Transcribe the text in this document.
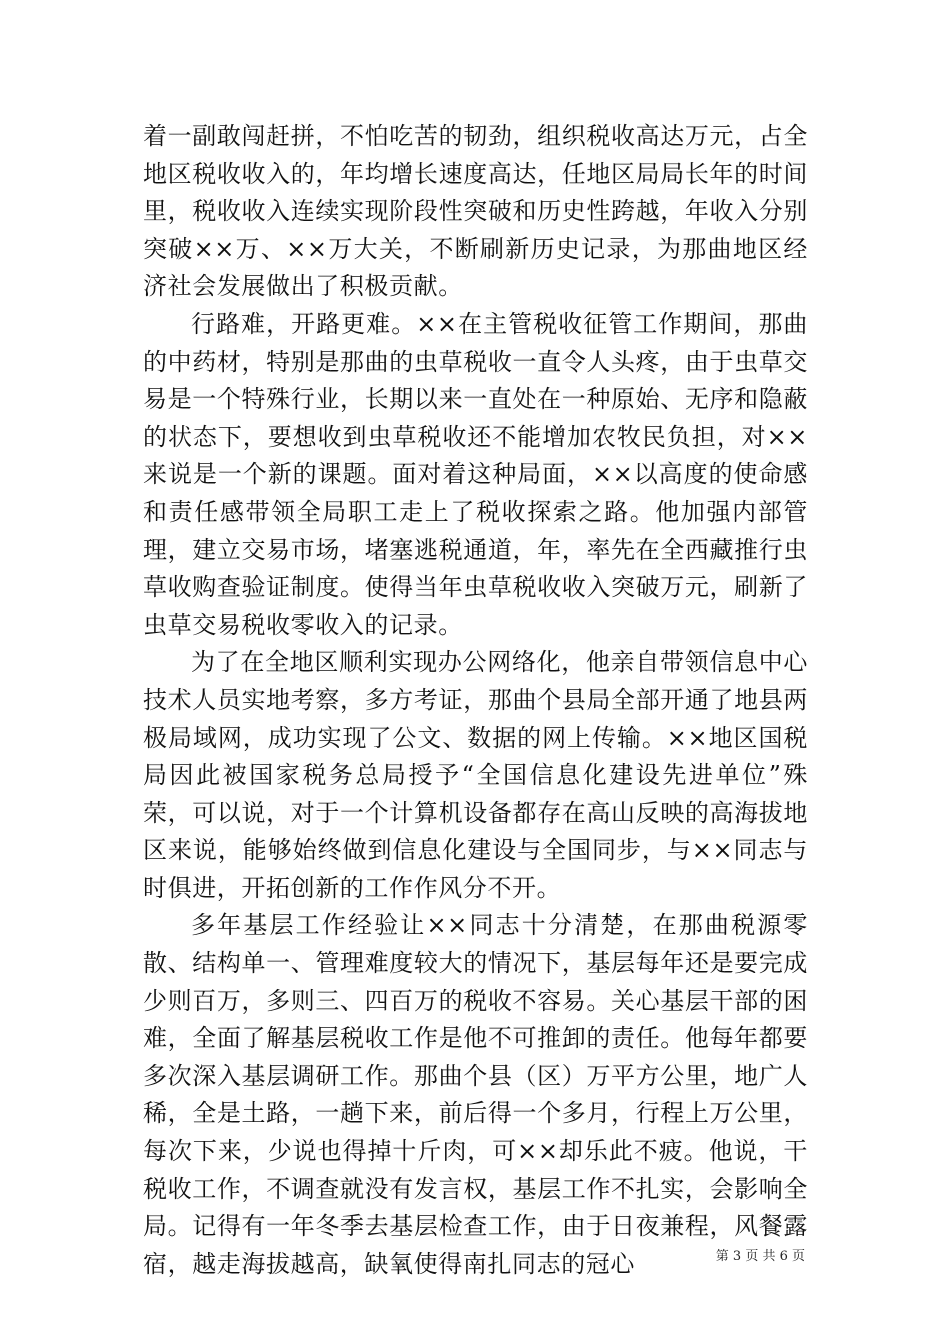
着一副敢闯赶拼，不怕吃苦的韧劲，组织税收高达万元，占全地区税收收入的，年均增长速度高达，任地区局局长年的时间里，税收收入连续实现阶段性突破和历史性跨越，年收入分别突破××万、××万大关，不断刷新历史记录，为那曲地区经济社会发展做出了积极贡献。

行路难，开路更难。××在主管税收征管工作期间，那曲的中药材，特别是那曲的虫草税收一直令人头疼，由于虫草交易是一个特殊行业，长期以来一直处在一种原始、无序和隐蔽的状态下，要想收到虫草税收还不能增加农牧民负担，对××来说是一个新的课题。面对着这种局面，××以高度的使命感和责任感带领全局职工走上了税收探索之路。他加强内部管理，建立交易市场，堵塞逃税通道，年，率先在全西藏推行虫草收购查验证制度。使得当年虫草税收收入突破万元，刷新了虫草交易税收零收入的记录。

为了在全地区顺利实现办公网络化，他亲自带领信息中心技术人员实地考察，多方考证，那曲个县局全部开通了地县两极局域网，成功实现了公文、数据的网上传输。××地区国税局因此被国家税务总局授予“全国信息化建设先进单位”殊荣，可以说，对于一个计算机设备都存在高山反映的高海拔地区来说，能够始终做到信息化建设与全国同步，与××同志与时俱进，开拓创新的工作作风分不开。

多年基层工作经验让××同志十分清楚，在那曲税源零散、结构单一、管理难度较大的情况下，基层每年还是要完成少则百万，多则三、四百万的税收不容易。关心基层干部的困难，全面了解基层税收工作是他不可推卸的责任。他每年都要多次深入基层调研工作。那曲个县（区）万平方公里，地广人稀，全是土路，一趟下来，前后得一个多月，行程上万公里，每次下来，少说也得掉十斤肉，可××却乐此不疲。他说，干税收工作，不调查就没有发言权，基层工作不扎实，会影响全局。记得有一年冬季去基层检查工作，由于日夜兼程，风餐露宿，越走海拔越高，缺氧使得南扎同志的冠心	第 3 页 共 6 页
